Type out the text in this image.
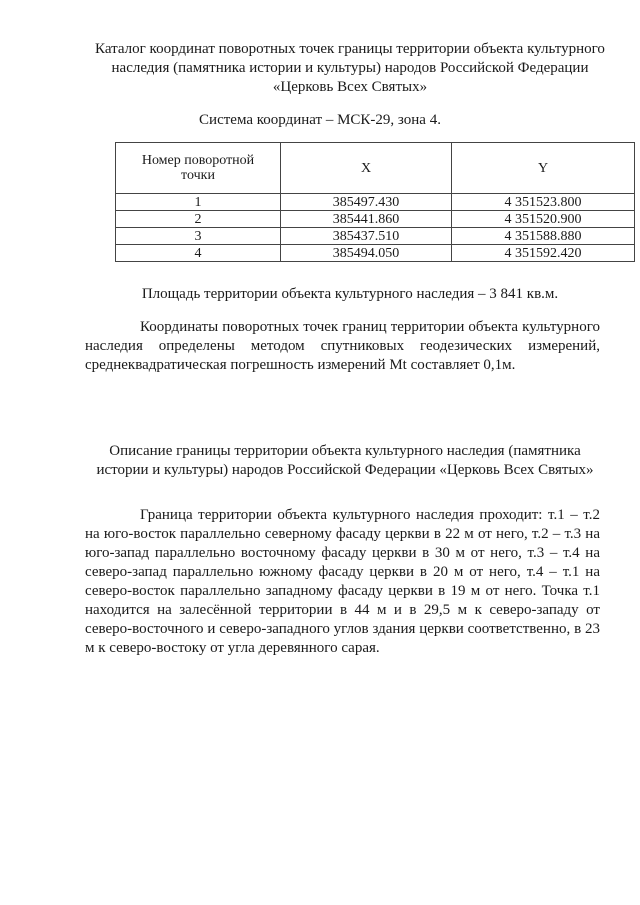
Каталог координат поворотных точек границы территории объекта культурного наследия (памятника истории и культуры) народов Российской Федерации «Церковь Всех Святых»
Система координат – МСК-29, зона 4.
Номер поворотной точки	X	Y
1	385497.430	4 351523.800
2	385441.860	4 351520.900
3	385437.510	4 351588.880
4	385494.050	4 351592.420
Площадь территории объекта культурного наследия – 3 841 кв.м.

Координаты поворотных точек границ территории объекта культурного наследия определены методом спутниковых геодезических измерений, среднеквадратическая погрешность измерений Mt составляет 0,1м.

Описание границы территории объекта культурного наследия (памятника истории и культуры) народов Российской Федерации «Церковь Всех Святых»

Граница территории объекта культурного наследия проходит: т.1 – т.2 на юго-восток параллельно северному фасаду церкви в 22 м от него, т.2 – т.3 на юго-запад параллельно восточному фасаду церкви в 30 м от него, т.3 – т.4 на северо-запад параллельно южному фасаду церкви в 20 м от него, т.4 – т.1 на северо-восток параллельно западному фасаду церкви в 19 м от него. Точка т.1 находится на залесённой территории в 44 м и в 29,5 м к северо-западу от северо-восточного и северо-западного углов здания церкви соответственно, в 23 м к северо-востоку от угла деревянного сарая.
